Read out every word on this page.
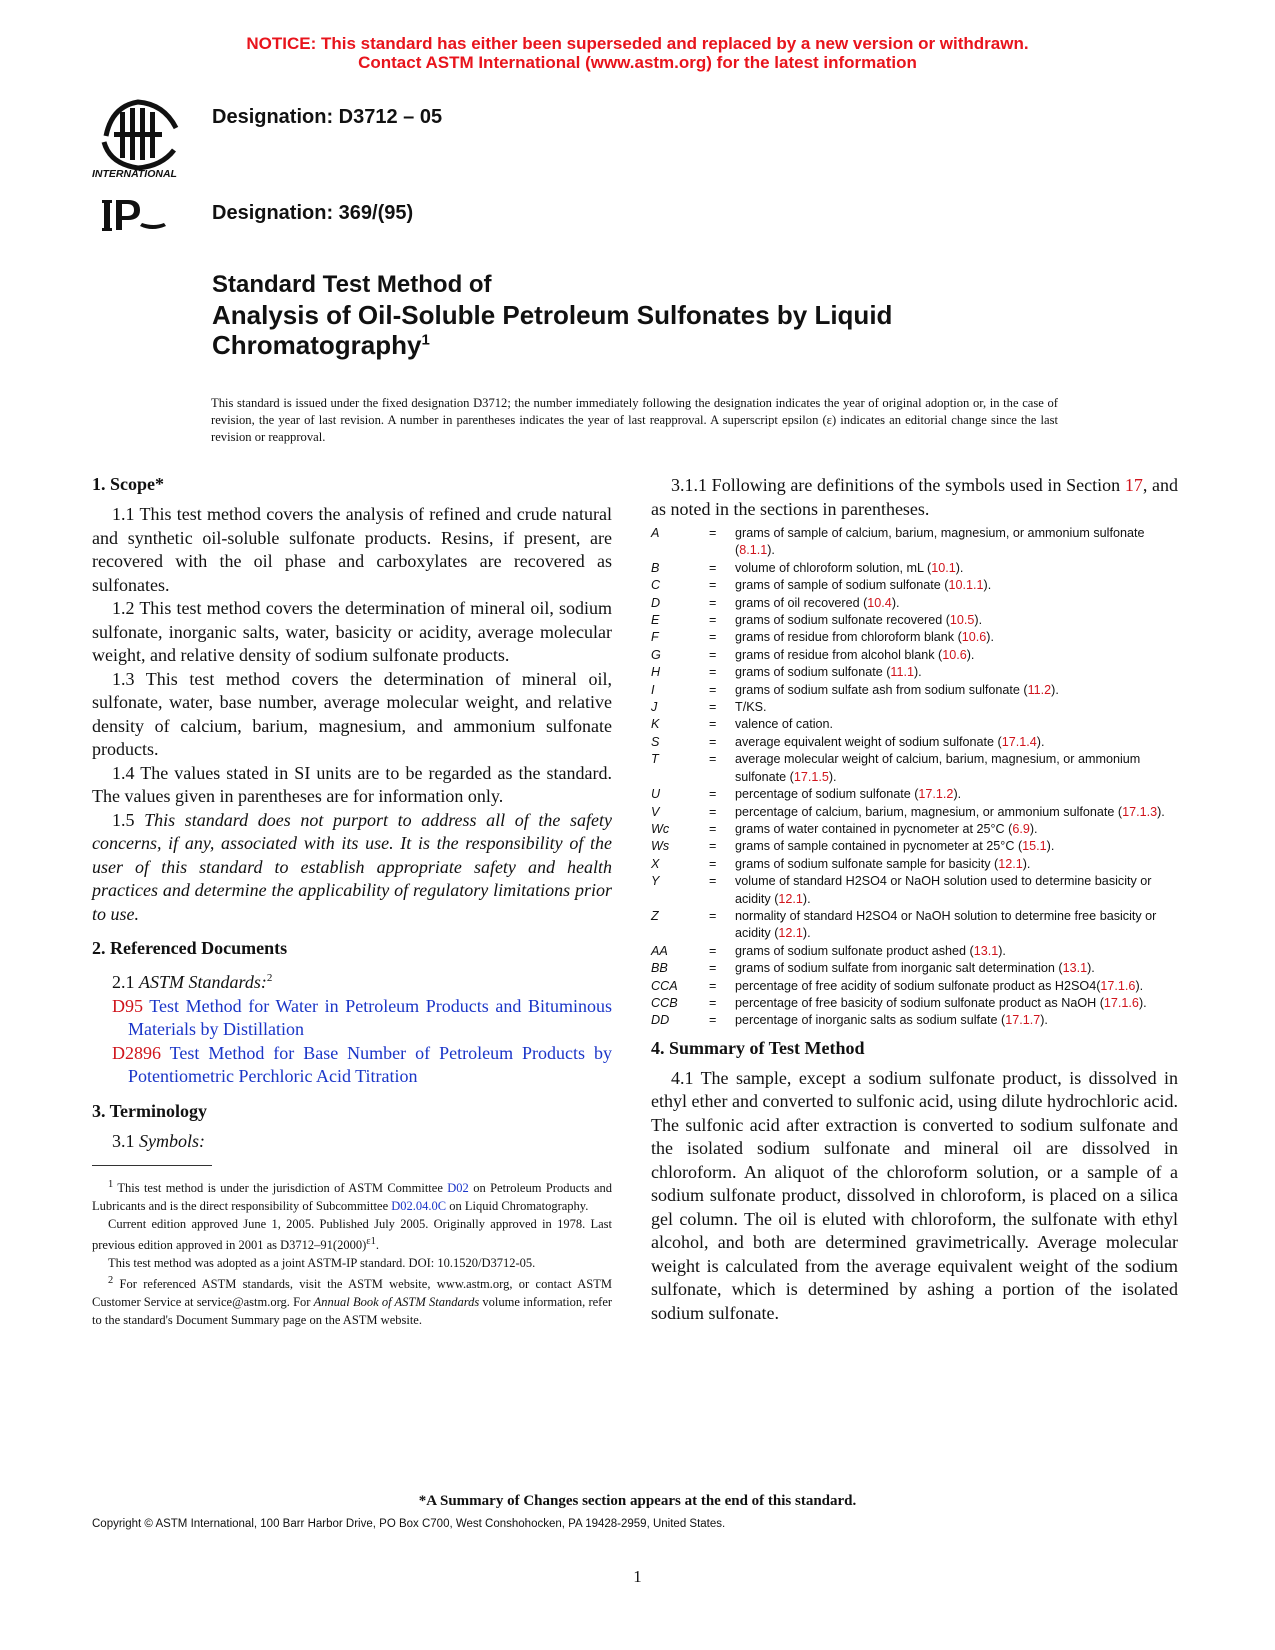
NOTICE: This standard has either been superseded and replaced by a new version or withdrawn.
Contact ASTM International (www.astm.org) for the latest information
INTERNATIONAL
Designation: D3712 – 05
Designation: 369/(95)
Standard Test Method of
Analysis of Oil-Soluble Petroleum Sulfonates by Liquid Chromatography$^1$
This standard is issued under the fixed designation D3712; the number immediately following the designation indicates the year of original adoption or, in the case of revision, the year of last revision. A number in parentheses indicates the year of last reapproval. A superscript epsilon (ε) indicates an editorial change since the last revision or reapproval.
1. Scope*

1.1 This test method covers the analysis of refined and crude natural and synthetic oil-soluble sulfonate products. Resins, if present, are recovered with the oil phase and carboxylates are recovered as sulfonates.

1.2 This test method covers the determination of mineral oil, sodium sulfonate, inorganic salts, water, basicity or acidity, average molecular weight, and relative density of sodium sulfonate products.

1.3 This test method covers the determination of mineral oil, sulfonate, water, base number, average molecular weight, and relative density of calcium, barium, magnesium, and ammonium sulfonate products.

1.4 The values stated in SI units are to be regarded as the standard. The values given in parentheses are for information only.

1.5 This standard does not purport to address all of the safety concerns, if any, associated with its use. It is the responsibility of the user of this standard to establish appropriate safety and health practices and determine the applicability of regulatory limitations prior to use.

2. Referenced Documents

2.1 ASTM Standards:$^2$

D95 Test Method for Water in Petroleum Products and Bituminous Materials by Distillation
D2896 Test Method for Base Number of Petroleum Products by Potentiometric Perchloric Acid Titration
3. Terminology

3.1 Symbols:

$^1$ This test method is under the jurisdiction of ASTM Committee D02 on Petroleum Products and Lubricants and is the direct responsibility of Subcommittee D02.04.0C on Liquid Chromatography.

Current edition approved June 1, 2005. Published July 2005. Originally approved in 1978. Last previous edition approved in 2001 as $D3712-91(2000)^{\varepsilon 1}$.

This test method was adopted as a joint ASTM-IP standard. DOI: 10.1520/D3712-05.

$^2$ For referenced ASTM standards, visit the ASTM website, www.astm.org, or contact ASTM Customer Service at service@astm.org. For Annual Book of ASTM Standards volume information, refer to the standard's Document Summary page on the ASTM website.

3.1.1 Following are definitions of the symbols used in Section 17, and as noted in the sections in parentheses.

A	=	grams of sample of calcium, barium, magnesium, or ammonium sulfonate (8.1.1).
B	=	volume of chloroform solution, mL (10.1).
C	=	grams of sample of sodium sulfonate (10.1.1).
D	=	grams of oil recovered (10.4).
E	=	grams of sodium sulfonate recovered (10.5).
F	=	grams of residue from chloroform blank (10.6).
G	=	grams of residue from alcohol blank (10.6).
H	=	grams of sodium sulfonate (11.1).
I	=	grams of sodium sulfate ash from sodium sulfonate (11.2).
J	=	T/KS.
K	=	valence of cation.
S	=	average equivalent weight of sodium sulfonate (17.1.4).
T	=	average molecular weight of calcium, barium, magnesium, or ammonium sulfonate (17.1.5).
U	=	percentage of sodium sulfonate (17.1.2).
V	=	percentage of calcium, barium, magnesium, or ammonium sulfonate (17.1.3).
Wc	=	grams of water contained in pycnometer at 25°C (6.9).
Ws	=	grams of sample contained in pycnometer at 25°C (15.1).
X	=	grams of sodium sulfonate sample for basicity (12.1).
Y	=	volume of standard H2SO4 or NaOH solution used to determine basicity or acidity (12.1).
Z	=	normality of standard H2SO4 or NaOH solution to determine free basicity or acidity (12.1).
AA	=	grams of sodium sulfonate product ashed (13.1).
BB	=	grams of sodium sulfate from inorganic salt determination (13.1).
CCA	=	percentage of free acidity of sodium sulfonate product as H2SO4(17.1.6).
CCB	=	percentage of free basicity of sodium sulfonate product as NaOH (17.1.6).
DD	=	percentage of inorganic salts as sodium sulfate (17.1.7).
4. Summary of Test Method

4.1 The sample, except a sodium sulfonate product, is dissolved in ethyl ether and converted to sulfonic acid, using dilute hydrochloric acid. The sulfonic acid after extraction is converted to sodium sulfonate and the isolated sodium sulfonate and mineral oil are dissolved in chloroform. An aliquot of the chloroform solution, or a sample of a sodium sulfonate product, dissolved in chloroform, is placed on a silica gel column. The oil is eluted with chloroform, the sulfonate with ethyl alcohol, and both are determined gravimetrically. Average molecular weight is calculated from the average equivalent weight of the sodium sulfonate, which is determined by ashing a portion of the isolated sodium sulfonate.

*A Summary of Changes section appears at the end of this standard.
Copyright © ASTM International, 100 Barr Harbor Drive, PO Box C700, West Conshohocken, PA 19428-2959, United States.
1
